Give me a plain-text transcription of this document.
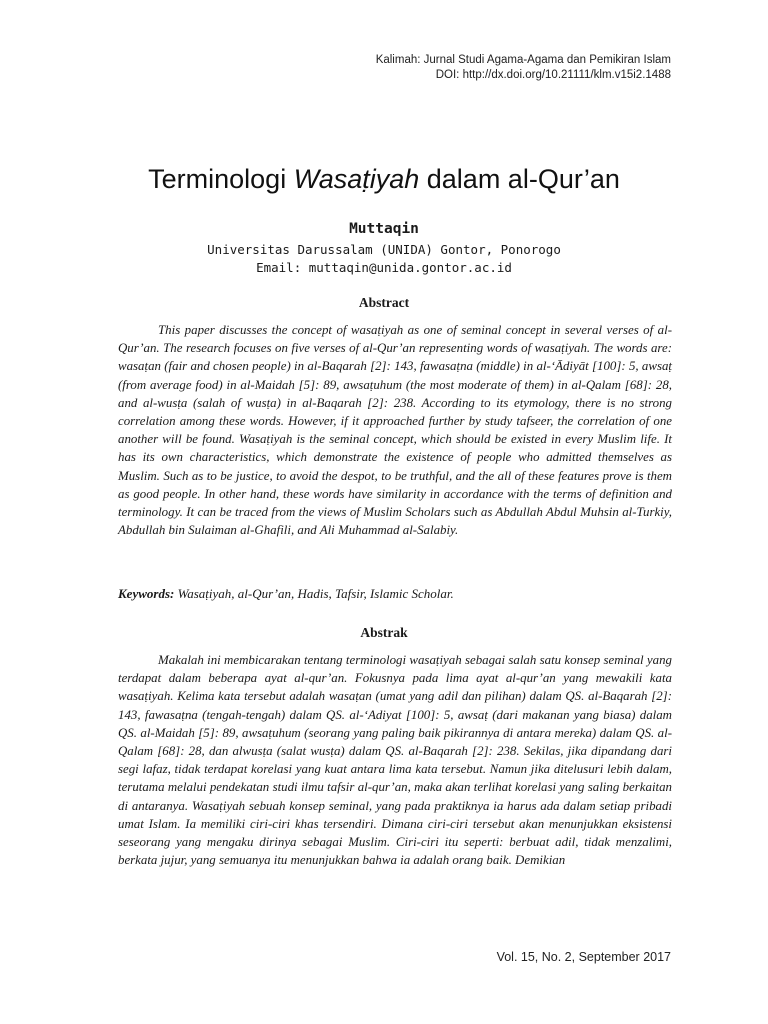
Kalimah: Jurnal Studi Agama-Agama dan Pemikiran Islam
DOI: http://dx.doi.org/10.21111/klm.v15i2.1488
Terminologi Wasaṭiyah dalam al-Qur’an
Muttaqin
Universitas Darussalam (UNIDA) Gontor, Ponorogo
Email: muttaqin@unida.gontor.ac.id
Abstract
This paper discusses the concept of wasaṭiyah as one of seminal concept in several verses of al-Qur’an. The research focuses on five verses of al-Qur’an representing words of wasaṭiyah. The words are: wasaṭan (fair and chosen people) in al-Baqarah [2]: 143, fawasaṭna (middle) in al-‘Ādiyāt [100]: 5, awsaṭ (from average food) in al-Maidah [5]: 89, awsaṭuhum (the most moderate of them) in al-Qalam [68]: 28, and al-wusṭa (salah of wusṭa) in al-Baqarah [2]: 238. According to its etymology, there is no strong correlation among these words. However, if it approached further by study tafseer, the correlation of one another will be found. Wasaṭiyah is the seminal concept, which should be existed in every Muslim life. It has its own characteristics, which demonstrate the existence of people who admitted themselves as Muslim. Such as to be justice, to avoid the despot, to be truthful, and the all of these features prove is them as good people. In other hand, these words have similarity in accordance with the terms of definition and terminology. It can be traced from the views of Muslim Scholars such as Abdullah Abdul Muhsin al-Turkiy, Abdullah bin Sulaiman al-Ghafili, and Ali Muhammad al-Salabiy.
Keywords: Wasaṭiyah, al-Qur’an, Hadis, Tafsir, Islamic Scholar.
Abstrak
Makalah ini membicarakan tentang terminologi wasaṭiyah sebagai salah satu konsep seminal yang terdapat dalam beberapa ayat al-qur’an. Fokusnya pada lima ayat al-qur’an yang mewakili kata wasaṭiyah. Kelima kata tersebut adalah wasaṭan (umat yang adil dan pilihan) dalam QS. al-Baqarah [2]: 143, fawasaṭna (tengah-tengah) dalam QS. al-‘Adiyat [100]: 5, awsaṭ (dari makanan yang biasa) dalam QS. al-Maidah [5]: 89, awsaṭuhum (seorang yang paling baik pikirannya di antara mereka) dalam QS. al-Qalam [68]: 28, dan alwusṭa (salat wusṭa) dalam QS. al-Baqarah [2]: 238. Sekilas, jika dipandang dari segi lafaz, tidak terdapat korelasi yang kuat antara lima kata tersebut. Namun jika ditelusuri lebih dalam, terutama melalui pendekatan studi ilmu tafsir al-qur’an, maka akan terlihat korelasi yang saling berkaitan di antaranya. Wasaṭiyah sebuah konsep seminal, yang pada praktiknya ia harus ada dalam setiap pribadi umat Islam. Ia memiliki ciri-ciri khas tersendiri. Dimana ciri-ciri tersebut akan menunjukkan eksistensi seseorang yang mengaku dirinya sebagai Muslim. Ciri-ciri itu seperti: berbuat adil, tidak menzalimi, berkata jujur, yang semuanya itu menunjukkan bahwa ia adalah orang baik. Demikian
Vol. 15, No. 2, September 2017
